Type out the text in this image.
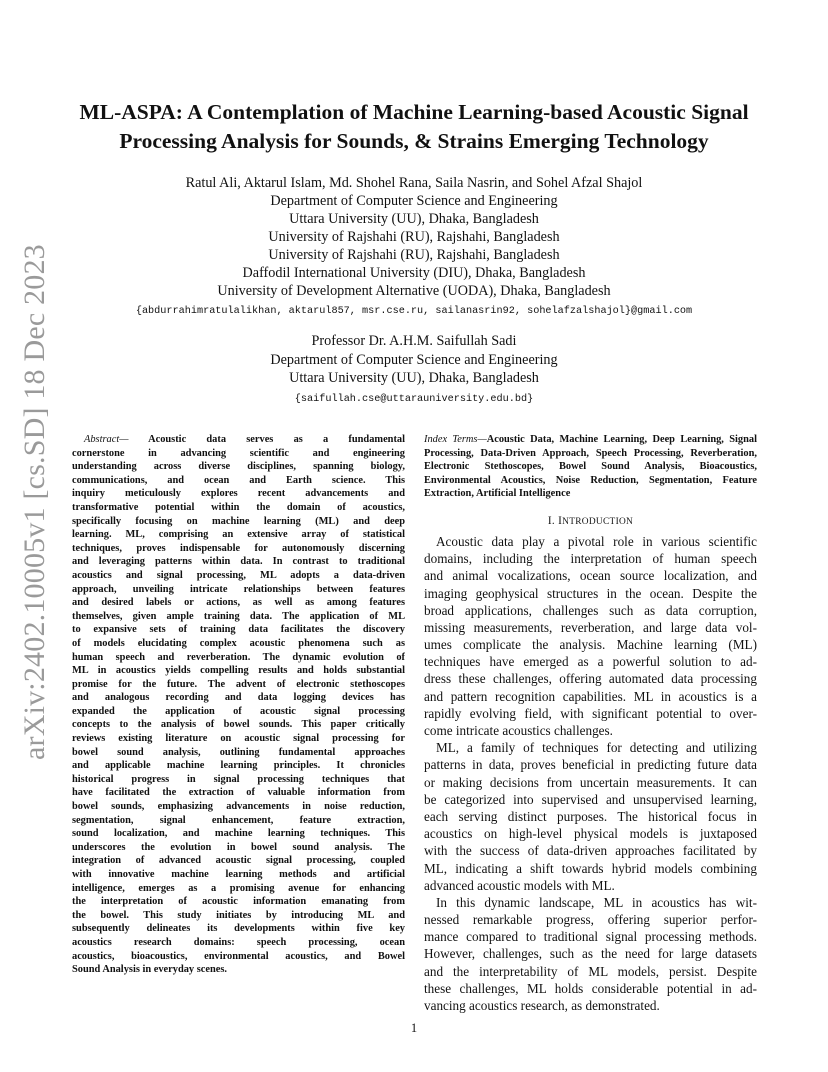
arXiv:2402.10005v1 [cs.SD] 18 Dec 2023
ML-ASPA: A Contemplation of Machine Learning-based Acoustic Signal Processing Analysis for Sounds, & Strains Emerging Technology
Ratul Ali, Aktarul Islam, Md. Shohel Rana, Saila Nasrin, and Sohel Afzal Shajol
Department of Computer Science and Engineering
Uttara University (UU), Dhaka, Bangladesh
University of Rajshahi (RU), Rajshahi, Bangladesh
University of Rajshahi (RU), Rajshahi, Bangladesh
Daffodil International University (DIU), Dhaka, Bangladesh
University of Development Alternative (UODA), Dhaka, Bangladesh
{abdurrahimratulalikhan, aktarul857, msr.cse.ru, sailanasrin92, sohelafzalshajol}@gmail.com
Professor Dr. A.H.M. Saifullah Sadi
Department of Computer Science and Engineering
Uttara University (UU), Dhaka, Bangladesh
{saifullah.cse@uttarauniversity.edu.bd}
Abstract— Acoustic data serves as a fundamental
cornerstone in advancing scientific and engineering
understanding across diverse disciplines, spanning biology,
communications, and ocean and Earth science. This
inquiry meticulously explores recent advancements and
transformative potential within the domain of acoustics,
specifically focusing on machine learning (ML) and deep
learning. ML, comprising an extensive array of statistical
techniques, proves indispensable for autonomously discerning
and leveraging patterns within data. In contrast to traditional
acoustics and signal processing, ML adopts a data-driven
approach, unveiling intricate relationships between features
and desired labels or actions, as well as among features
themselves, given ample training data. The application of ML
to expansive sets of training data facilitates the discovery
of models elucidating complex acoustic phenomena such as
human speech and reverberation. The dynamic evolution of
ML in acoustics yields compelling results and holds substantial
promise for the future. The advent of electronic stethoscopes
and analogous recording and data logging devices has
expanded the application of acoustic signal processing
concepts to the analysis of bowel sounds. This paper critically
reviews existing literature on acoustic signal processing for
bowel sound analysis, outlining fundamental approaches
and applicable machine learning principles. It chronicles
historical progress in signal processing techniques that
have facilitated the extraction of valuable information from
bowel sounds, emphasizing advancements in noise reduction,
segmentation, signal enhancement, feature extraction,
sound localization, and machine learning techniques. This
underscores the evolution in bowel sound analysis. The
integration of advanced acoustic signal processing, coupled
with innovative machine learning methods and artificial
intelligence, emerges as a promising avenue for enhancing
the interpretation of acoustic information emanating from
the bowel. This study initiates by introducing ML and
subsequently delineates its developments within five key
acoustics research domains: speech processing, ocean
acoustics, bioacoustics, environmental acoustics, and Bowel
Sound Analysis in everyday scenes.
Index Terms—Acoustic Data, Machine Learning, Deep Learning, Signal Processing, Data-Driven Approach, Speech Processing, Reverberation, Electronic Stethoscopes, Bowel Sound Analysis, Bioacoustics, Environmental Acoustics, Noise Reduction, Segmentation, Feature Extraction, Artificial Intelligence
I. INTRODUCTION
Acoustic data play a pivotal role in various scientific
domains, including the interpretation of human speech
and animal vocalizations, ocean source localization, and
imaging geophysical structures in the ocean. Despite the
broad applications, challenges such as data corruption,
missing measurements, reverberation, and large data vol-
umes complicate the analysis. Machine learning (ML)
techniques have emerged as a powerful solution to ad-
dress these challenges, offering automated data processing
and pattern recognition capabilities. ML in acoustics is a
rapidly evolving field, with significant potential to over-
come intricate acoustics challenges.
ML, a family of techniques for detecting and utilizing
patterns in data, proves beneficial in predicting future data
or making decisions from uncertain measurements. It can
be categorized into supervised and unsupervised learning,
each serving distinct purposes. The historical focus in
acoustics on high-level physical models is juxtaposed
with the success of data-driven approaches facilitated by
ML, indicating a shift towards hybrid models combining
advanced acoustic models with ML.
In this dynamic landscape, ML in acoustics has wit-
nessed remarkable progress, offering superior perfor-
mance compared to traditional signal processing methods.
However, challenges, such as the need for large datasets
and the interpretability of ML models, persist. Despite
these challenges, ML holds considerable potential in ad-
vancing acoustics research, as demonstrated.
1
